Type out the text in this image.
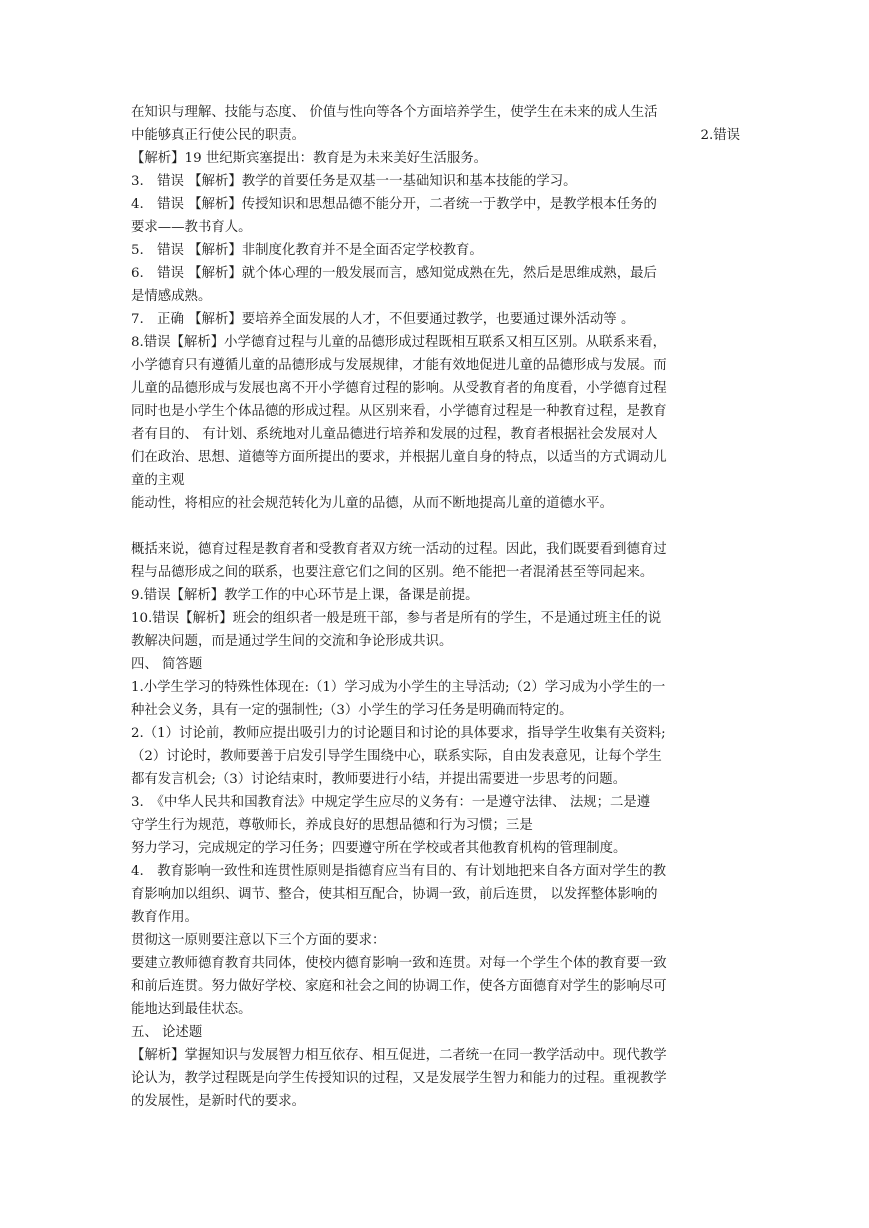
在知识与理解、技能与态度、 价值与性向等各个方面培养学生，使学生在未来的成人生活
中能够真正行使公民的职责。	2.错误
【解析】19 世纪斯宾塞提出：教育是为未来美好生活服务。
3.　错误 【解析】教学的首要任务是双基一一基础知识和基本技能的学习。
4.　错误 【解析】传授知识和思想品德不能分开，二者统一于教学中，是教学根本任务的
要求——教书育人。
5.　错误 【解析】非制度化教育并不是全面否定学校教育。
6.　错误 【解析】就个体心理的一般发展而言，感知觉成熟在先，然后是思维成熟，最后
是情感成熟。
7.　正确 【解析】要培养全面发展的人才，不但要通过教学，也要通过课外活动等 。
8.错误【解析】小学德育过程与儿童的品德形成过程既相互联系又相互区别。从联系来看，
小学德育只有遵循儿童的品德形成与发展规律，才能有效地促进儿童的品德形成与发展。而
儿童的品德形成与发展也离不开小学德育过程的影响。从受教育者的角度看，小学德育过程
同时也是小学生个体品德的形成过程。从区别来看，小学德育过程是一种教育过程，是教育
者有目的、 有计划、系统地对儿童品德进行培养和发展的过程，教育者根据社会发展对人
们在政治、思想、道德等方面所提出的要求，并根据儿童自身的特点，以适当的方式调动儿
童的主观
能动性，将相应的社会规范转化为儿童的品德，从而不断地提高儿童的道德水平。
概括来说，德育过程是教育者和受教育者双方统一活动的过程。因此，我们既要看到德育过
程与品德形成之间的联系，也要注意它们之间的区别。绝不能把一者混淆甚至等同起来。
9.错误【解析】教学工作的中心环节是上课，备课是前提。
10.错误【解析】班会的组织者一般是班干部，参与者是所有的学生，不是通过班主任的说
教解决问题，而是通过学生间的交流和争论形成共识。
四、 简答题
1.小学生学习的特殊性体现在:（1）学习成为小学生的主导活动;（2）学习成为小学生的一
种社会义务，具有一定的强制性;（3）小学生的学习任务是明确而特定的。
2.（1）讨论前，教师应提出吸引力的讨论题目和讨论的具体要求，指导学生收集有关资料;
（2）讨论时，教师要善于启发引导学生围绕中心，联系实际，自由发表意见，让每个学生
都有发言机会;（3）讨论结束时，教师要进行小结，并提出需要进一步思考的问题。
3.　《中华人民共和国教育法》中规定学生应尽的义务有：一是遵守法律、 法规；二是遵
守学生行为规范，尊敬师长，养成良好的思想品德和行为习惯；三是
努力学习，完成规定的学习任务；四要遵守所在学校或者其他教育机构的管理制度。
4.　教育影响一致性和连贯性原则是指德育应当有目的、有计划地把来自各方面对学生的教
育影响加以组织、调节、整合，使其相互配合，协调一致，前后连贯， 以发挥整体影响的
教育作用。
贯彻这一原则要注意以下三个方面的要求：
要建立教师德育教育共同体，使校内德育影响一致和连贯。对每一个学生个体的教育要一致
和前后连贯。努力做好学校、家庭和社会之间的协调工作，使各方面德育对学生的影响尽可
能地达到最佳状态。
五、 论述题
【解析】掌握知识与发展智力相互依存、相互促进，二者统一在同一教学活动中。现代教学
论认为，教学过程既是向学生传授知识的过程，又是发展学生智力和能力的过程。重视教学
的发展性，是新时代的要求。
